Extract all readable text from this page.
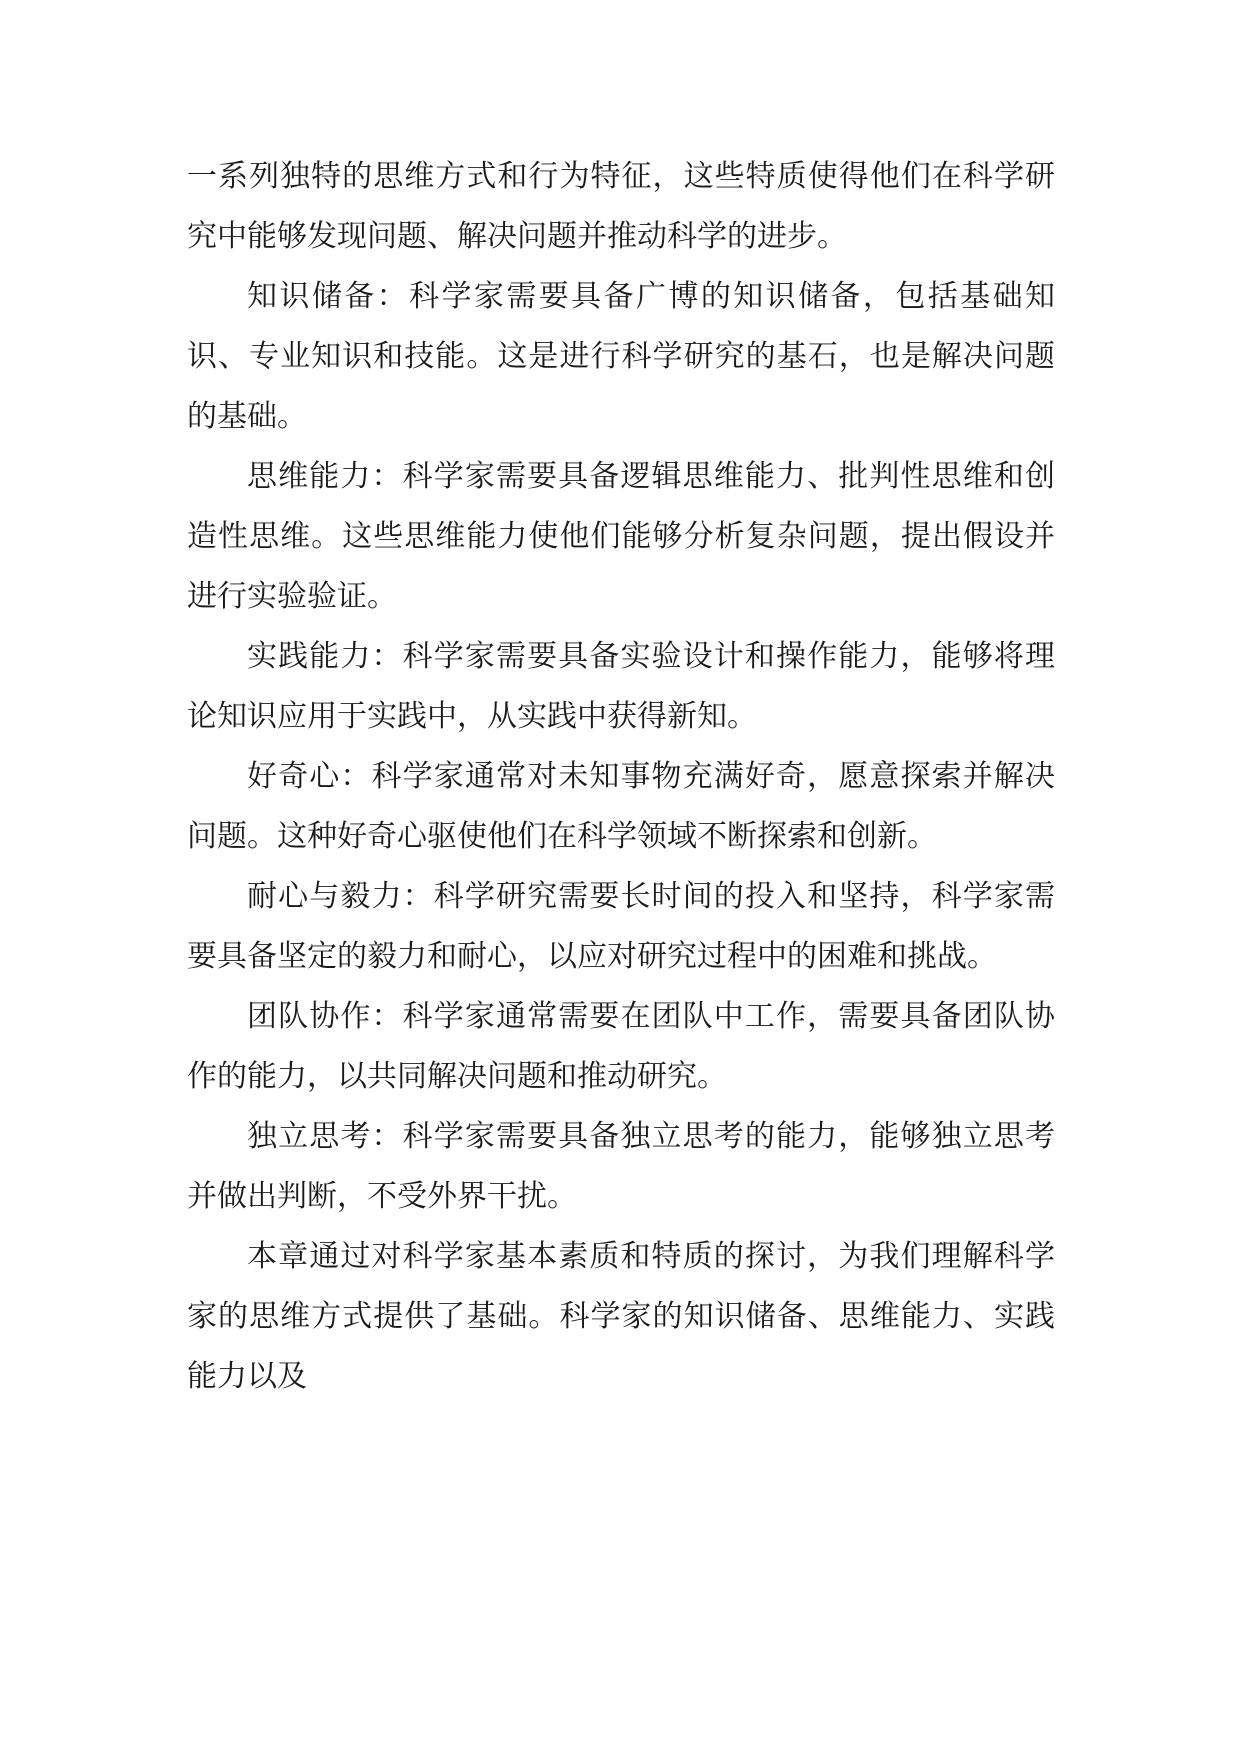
一系列独特的思维方式和行为特征，这些特质使得他们在科学研究中能够发现问题、解决问题并推动科学的进步。

知识储备：科学家需要具备广博的知识储备，包括基础知识、专业知识和技能。这是进行科学研究的基石，也是解决问题的基础。

思维能力：科学家需要具备逻辑思维能力、批判性思维和创造性思维。这些思维能力使他们能够分析复杂问题，提出假设并进行实验验证。

实践能力：科学家需要具备实验设计和操作能力，能够将理论知识应用于实践中，从实践中获得新知。

好奇心：科学家通常对未知事物充满好奇，愿意探索并解决问题。这种好奇心驱使他们在科学领域不断探索和创新。

耐心与毅力：科学研究需要长时间的投入和坚持，科学家需要具备坚定的毅力和耐心，以应对研究过程中的困难和挑战。

团队协作：科学家通常需要在团队中工作，需要具备团队协作的能力，以共同解决问题和推动研究。

独立思考：科学家需要具备独立思考的能力，能够独立思考并做出判断，不受外界干扰。

本章通过对科学家基本素质和特质的探讨，为我们理解科学家的思维方式提供了基础。科学家的知识储备、思维能力、实践能力以及
